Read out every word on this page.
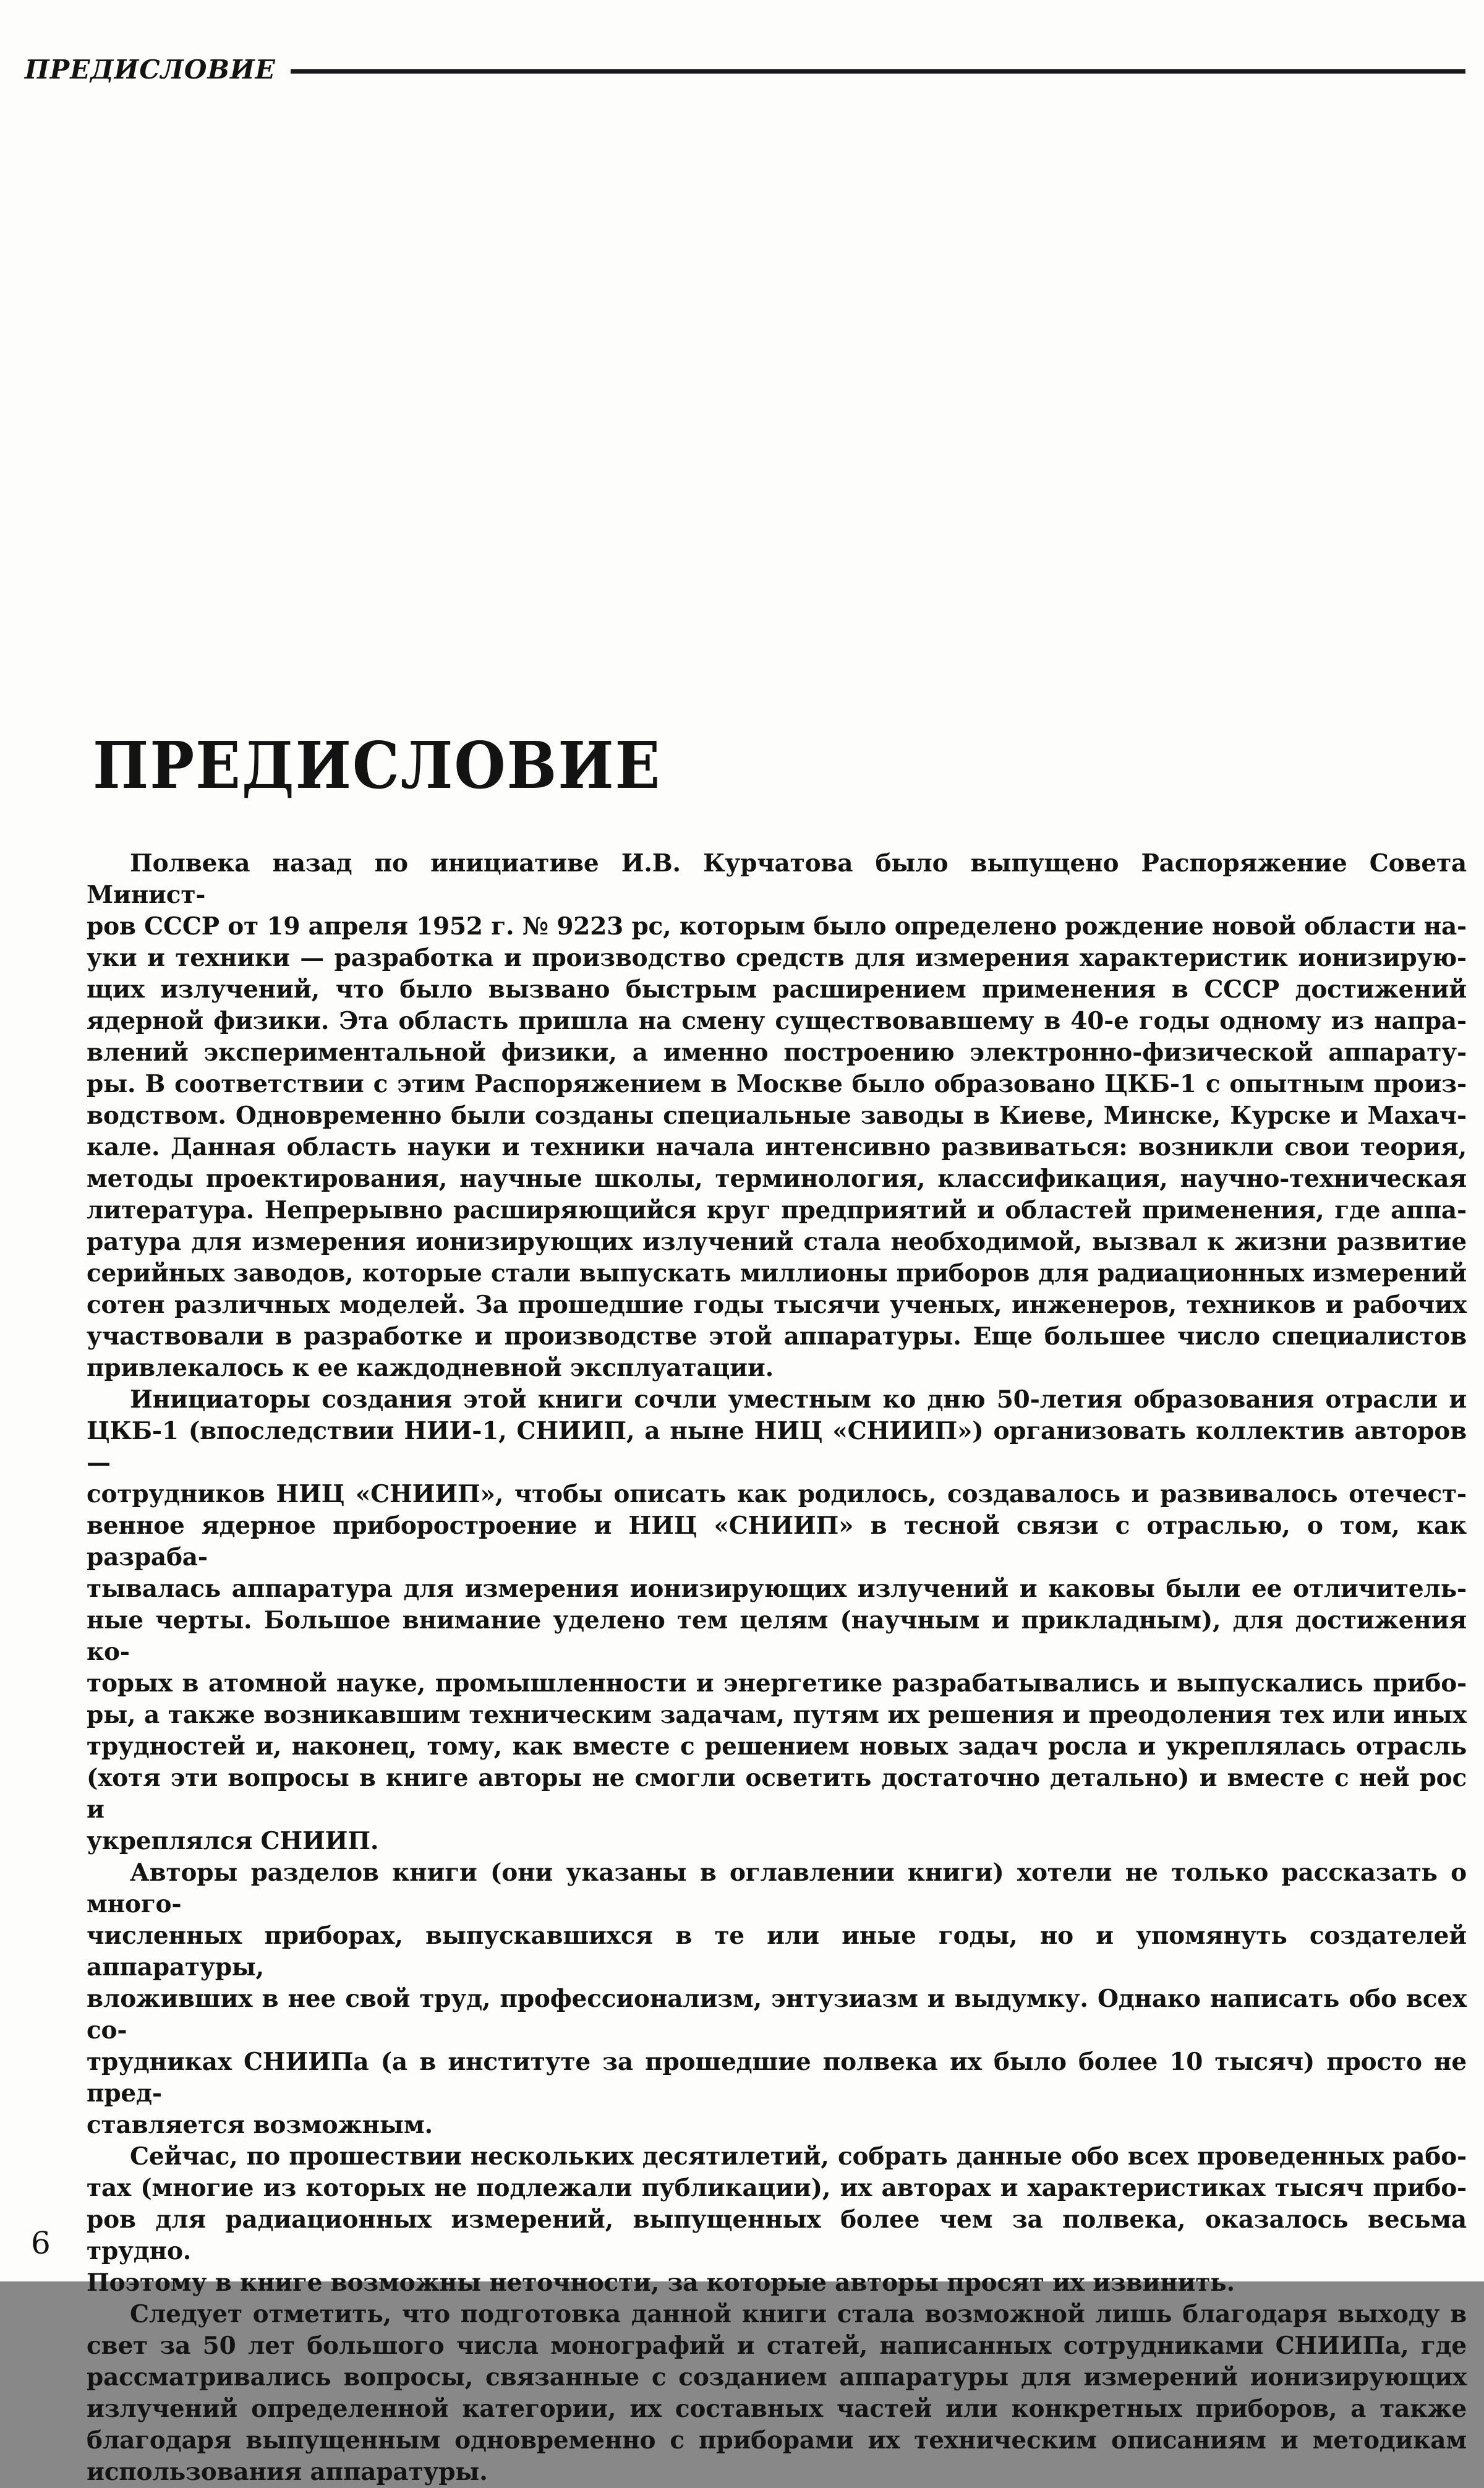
ПРЕДИСЛОВИЕ
ПРЕДИСЛОВИЕ
Полвека назад по инициативе И.В. Курчатова было выпущено Распоряжение Совета Минист-
ров СССР от 19 апреля 1952 г. № 9223 рс, которым было определено рождение новой области на-
уки и техники — разработка и производство средств для измерения характеристик ионизирую-
щих излучений, что было вызвано быстрым расширением применения в СССР достижений
ядерной физики. Эта область пришла на смену существовавшему в 40-е годы одному из напра-
влений экспериментальной физики, а именно построению электронно-физической аппарату-
ры. В соответствии с этим Распоряжением в Москве было образовано ЦКБ-1 с опытным произ-
водством. Одновременно были созданы специальные заводы в Киеве, Минске, Курске и Махач-
кале. Данная область науки и техники начала интенсивно развиваться: возникли свои теория,
методы проектирования, научные школы, терминология, классификация, научно-техническая
литература. Непрерывно расширяющийся круг предприятий и областей применения, где аппа-
ратура для измерения ионизирующих излучений стала необходимой, вызвал к жизни развитие
серийных заводов, которые стали выпускать миллионы приборов для радиационных измерений
сотен различных моделей. За прошедшие годы тысячи ученых, инженеров, техников и рабочих
участвовали в разработке и производстве этой аппаратуры. Еще большее число специалистов
привлекалось к ее каждодневной эксплуатации.
Инициаторы создания этой книги сочли уместным ко дню 50-летия образования отрасли и
ЦКБ-1 (впоследствии НИИ-1, СНИИП, а ныне НИЦ «СНИИП») организовать коллектив авторов —
сотрудников НИЦ «СНИИП», чтобы описать как родилось, создавалось и развивалось отечест-
венное ядерное приборостроение и НИЦ «СНИИП» в тесной связи с отраслью, о том, как разраба-
тывалась аппаратура для измерения ионизирующих излучений и каковы были ее отличитель-
ные черты. Большое внимание уделено тем целям (научным и прикладным), для достижения ко-
торых в атомной науке, промышленности и энергетике разрабатывались и выпускались прибо-
ры, а также возникавшим техническим задачам, путям их решения и преодоления тех или иных
трудностей и, наконец, тому, как вместе с решением новых задач росла и укреплялась отрасль
(хотя эти вопросы в книге авторы не смогли осветить достаточно детально) и вместе с ней рос и
укреплялся СНИИП.
Авторы разделов книги (они указаны в оглавлении книги) хотели не только рассказать о много-
численных приборах, выпускавшихся в те или иные годы, но и упомянуть создателей аппаратуры,
вложивших в нее свой труд, профессионализм, энтузиазм и выдумку. Однако написать обо всех со-
трудниках СНИИПа (а в институте за прошедшие полвека их было более 10 тысяч) просто не пред-
ставляется возможным.
Сейчас, по прошествии нескольких десятилетий, собрать данные обо всех проведенных рабо-
тах (многие из которых не подлежали публикации), их авторах и характеристиках тысяч прибо-
ров для радиационных измерений, выпущенных более чем за полвека, оказалось весьма трудно.
Поэтому в книге возможны неточности, за которые авторы просят их извинить.
Следует отметить, что подготовка данной книги стала возможной лишь благодаря выходу в
свет за 50 лет большого числа монографий и статей, написанных сотрудниками СНИИПа, где
рассматривались вопросы, связанные с созданием аппаратуры для измерений ионизирующих
излучений определенной категории, их составных частей или конкретных приборов, а также
благодаря выпущенным одновременно с приборами их техническим описаниям и методикам
использования аппаратуры.
6
